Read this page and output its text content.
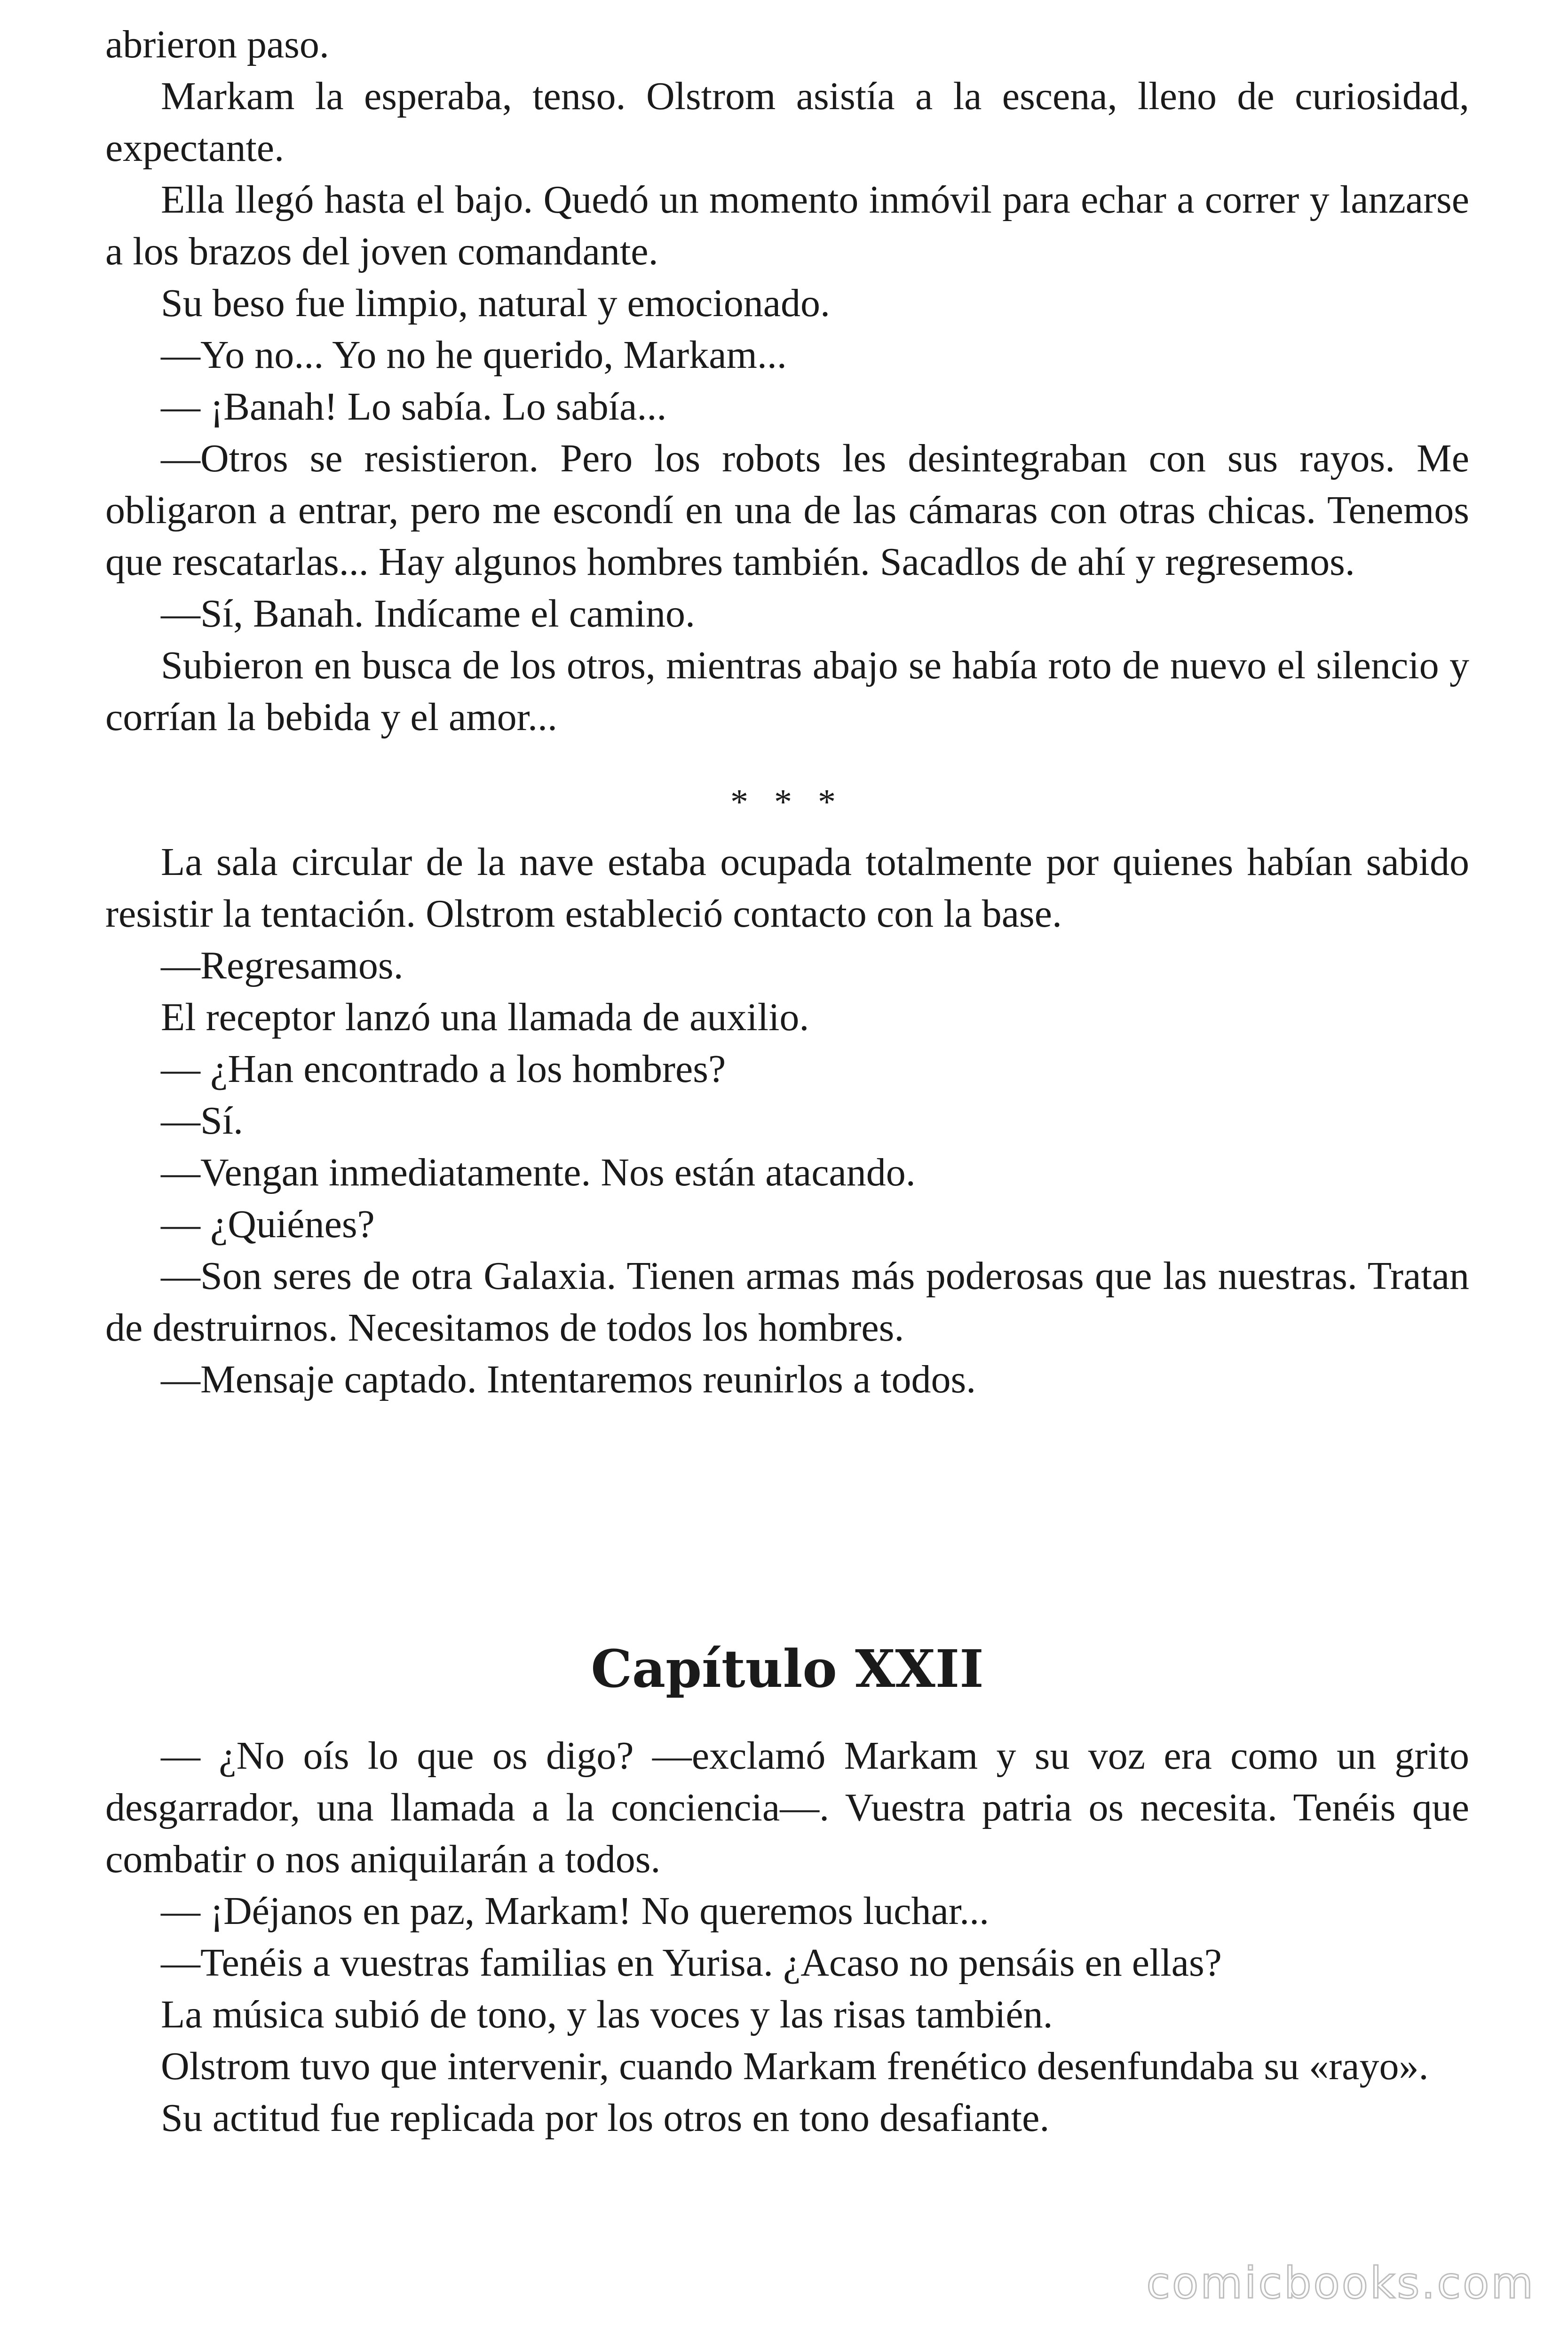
abrieron paso.

Markam la esperaba, tenso. Olstrom asistía a la escena, lleno de curiosidad, expectante.

Ella llegó hasta el bajo. Quedó un momento inmóvil para echar a correr y lanzarse a los brazos del joven comandante.

Su beso fue limpio, natural y emocionado.

—Yo no... Yo no he querido, Markam...

— ¡Banah! Lo sabía. Lo sabía...

—Otros se resistieron. Pero los robots les desintegraban con sus rayos. Me obligaron a entrar, pero me escondí en una de las cámaras con otras chicas. Tenemos que rescatarlas... Hay algunos hombres también. Sacadlos de ahí y regresemos.

—Sí, Banah. Indícame el camino.

Subieron en busca de los otros, mientras abajo se había roto de nuevo el silencio y corrían la bebida y el amor...

* * *

La sala circular de la nave estaba ocupada totalmente por quienes habían sabido resistir la tentación. Olstrom estableció contacto con la base.

—Regresamos.

El receptor lanzó una llamada de auxilio.

— ¿Han encontrado a los hombres?

—Sí.

—Vengan inmediatamente. Nos están atacando.

— ¿Quiénes?

—Son seres de otra Galaxia. Tienen armas más poderosas que las nuestras. Tratan de destruirnos. Necesitamos de todos los hombres.

—Mensaje captado. Intentaremos reunirlos a todos.

Capítulo XXII

— ¿No oís lo que os digo? —exclamó Markam y su voz era como un grito desgarrador, una llamada a la conciencia—. Vuestra patria os necesita. Tenéis que combatir o nos aniquilarán a todos.

— ¡Déjanos en paz, Markam! No queremos luchar...

—Tenéis a vuestras familias en Yurisa. ¿Acaso no pensáis en ellas?

La música subió de tono, y las voces y las risas también.

Olstrom tuvo que intervenir, cuando Markam frenético desenfundaba su «rayo».

Su actitud fue replicada por los otros en tono desafiante.

comicbooks.com
